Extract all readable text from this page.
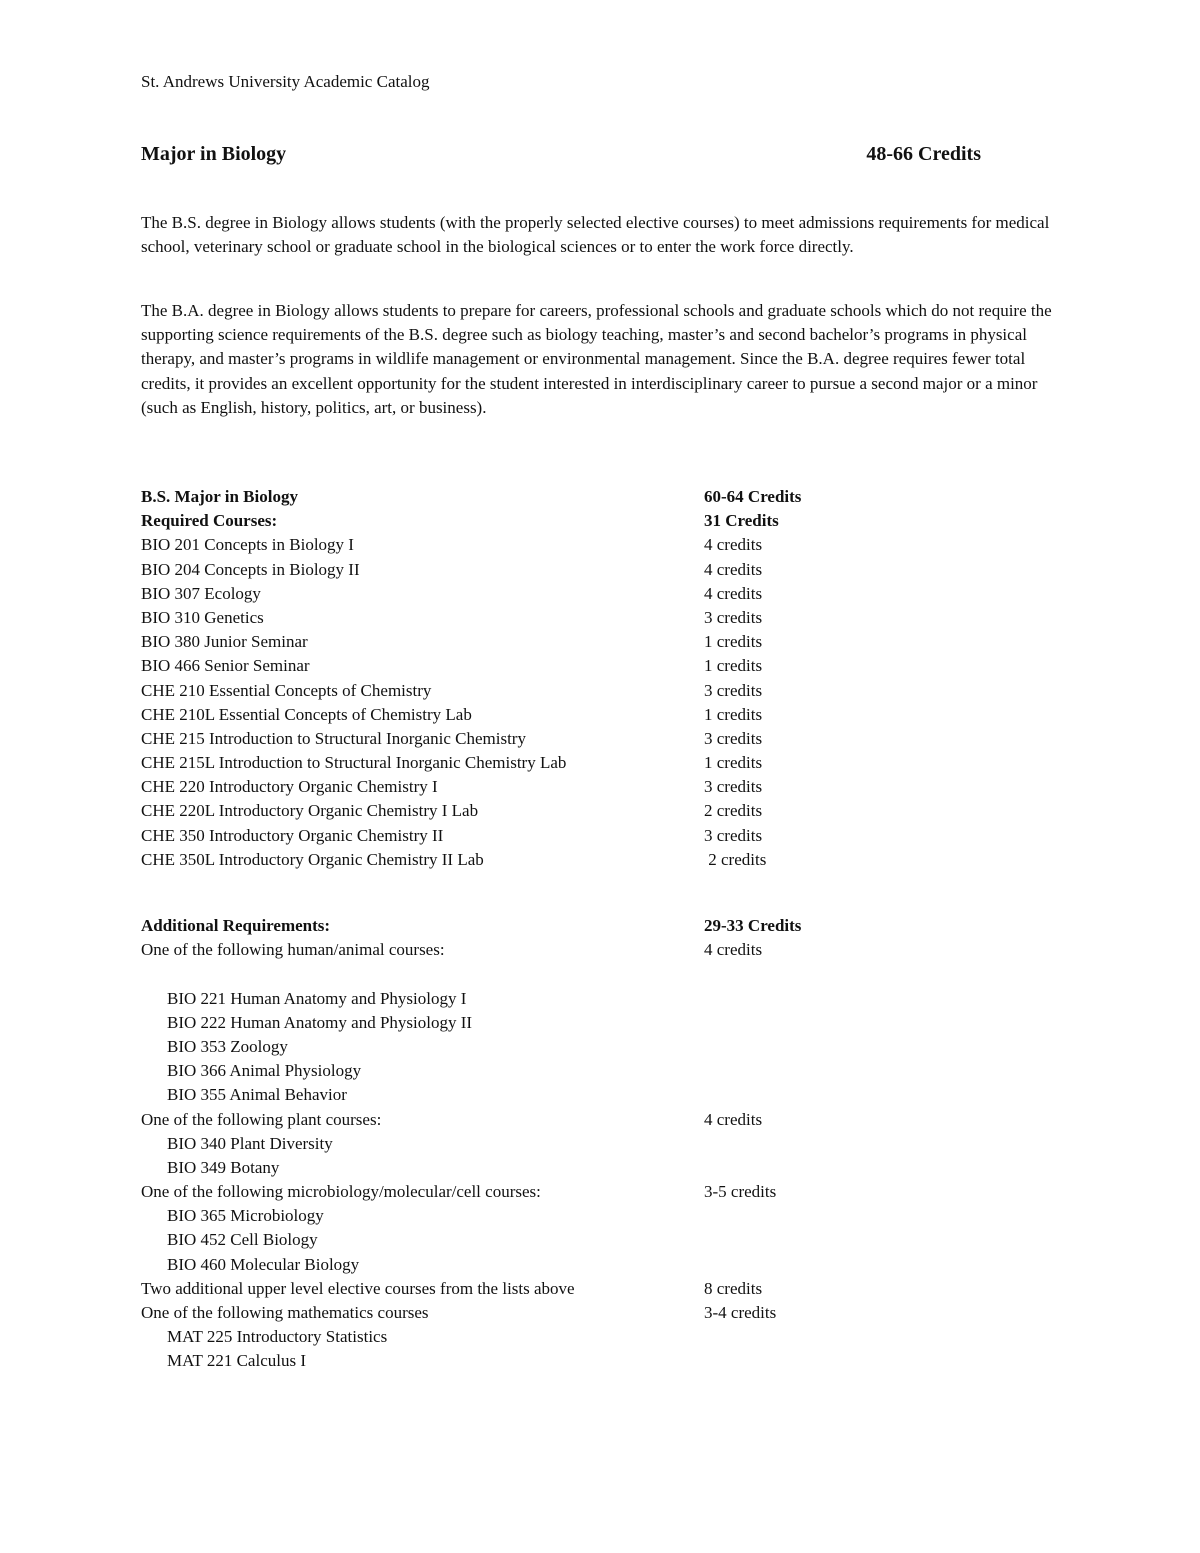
St. Andrews University Academic Catalog
Major in Biology	48-66 Credits

The B.S. degree in Biology allows students (with the properly selected elective courses) to meet admissions requirements for medical school, veterinary school or graduate school in the biological sciences or to enter the work force directly.

The B.A. degree in Biology allows students to prepare for careers, professional schools and graduate schools which do not require the supporting science requirements of the B.S. degree such as biology teaching, master’s and second bachelor’s programs in physical therapy, and master’s programs in wildlife management or environmental management. Since the B.A. degree requires fewer total credits, it provides an excellent opportunity for the student interested in interdisciplinary career to pursue a second major or a minor (such as English, history, politics, art, or business).

B.S. Major in Biology	60-64 Credits
Required Courses:	31 Credits
BIO 201 Concepts in Biology I	4 credits
BIO 204 Concepts in Biology II	4 credits
BIO 307 Ecology	4 credits
BIO 310 Genetics	3 credits
BIO 380 Junior Seminar	1 credits
BIO 466 Senior Seminar	1 credits
CHE 210 Essential Concepts of Chemistry	3 credits
CHE 210L Essential Concepts of Chemistry Lab	1 credits
CHE 215 Introduction to Structural Inorganic Chemistry	3 credits
CHE 215L Introduction to Structural Inorganic Chemistry Lab	1 credits
CHE 220 Introductory Organic Chemistry I	3 credits
CHE 220L Introductory Organic Chemistry I Lab	2 credits
CHE 350 Introductory Organic Chemistry II	3 credits
CHE 350L Introductory Organic Chemistry II Lab	2 credits
Additional Requirements:	29-33 Credits
One of the following human/animal courses:	4 credits
BIO 221 Human Anatomy and Physiology I
BIO 222 Human Anatomy and Physiology II
BIO 353 Zoology
BIO 366 Animal Physiology
BIO 355 Animal Behavior
One of the following plant courses:	4 credits
BIO 340 Plant Diversity
BIO 349 Botany
One of the following microbiology/molecular/cell courses:	3-5 credits
BIO 365 Microbiology
BIO 452 Cell Biology
BIO 460 Molecular Biology
Two additional upper level elective courses from the lists above	8 credits
One of the following mathematics courses	3-4 credits
MAT 225 Introductory Statistics
MAT 221 Calculus I
